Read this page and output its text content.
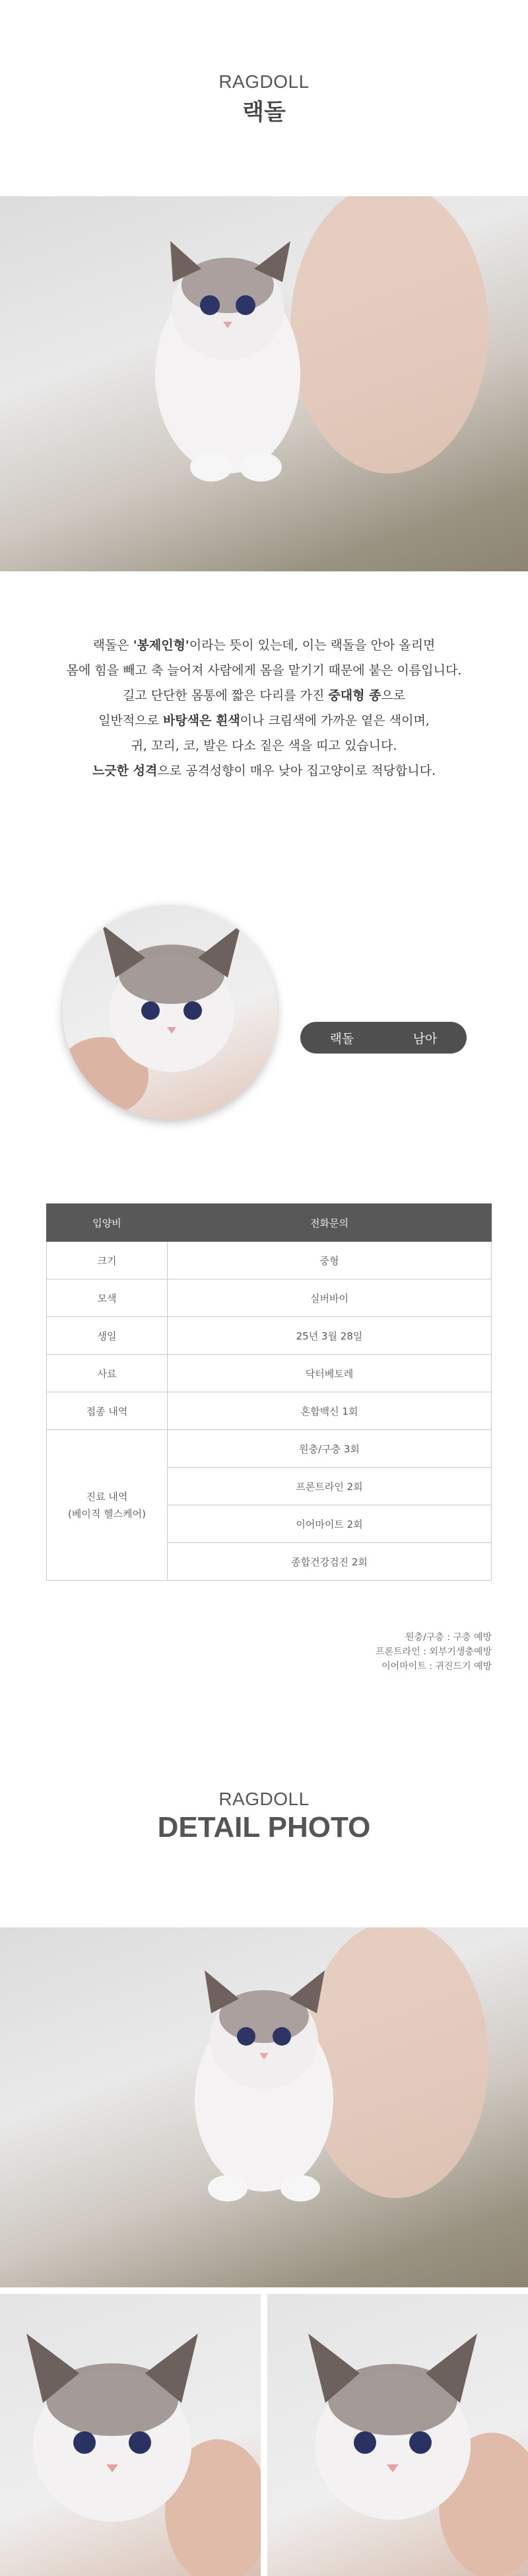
RAGDOLL
랙돌
랙돌은 '봉제인형'이라는 뜻이 있는데, 이는 랙돌을 안아 올리면
몸에 힘을 빼고 축 늘어져 사람에게 몸을 맡기기 때문에 붙은 이름입니다.
길고 단단한 몸통에 짧은 다리를 가진 중대형 종으로
일반적으로 바탕색은 흰색이나 크림색에 가까운 옅은 색이며,
귀, 꼬리, 코, 발은 다소 짙은 색을 띠고 있습니다.
느긋한 성격으로 공격성향이 매우 낮아 집고양이로 적당합니다.
랙돌	남아
입양비	전화문의
크기	중형
모색	실버바이
생일	25년 3월 28일
사료	닥터베토레
접종 내역	혼합백신 1회

진료 내역
(베이직 헬스케어)	원충/구충 3회
	프론트라인 2회
	이어마이트 2회
	종합건강검진 2회
원충/구충 : 구충 예방
프론트라인 : 외부기생충예방
이어마이트 : 귀진드기 예방
RAGDOLL
DETAIL PHOTO
